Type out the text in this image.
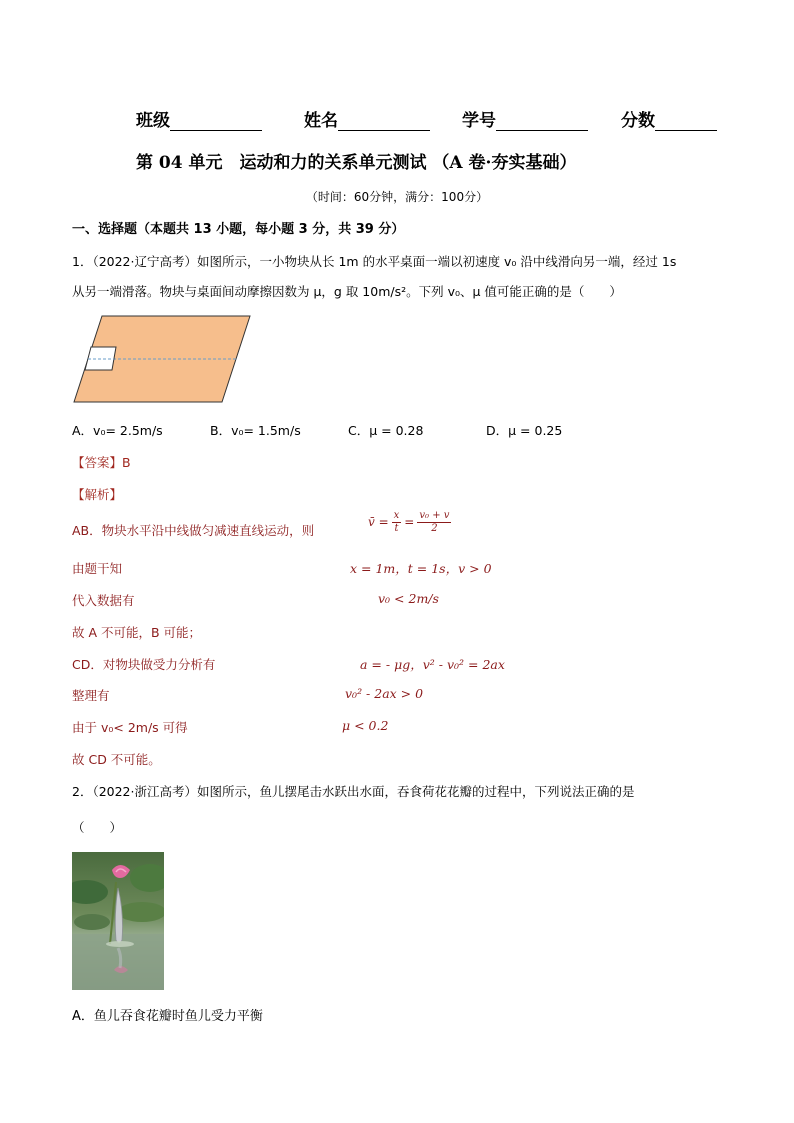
班级	姓名	学号	分数
第 04 单元　运动和力的关系单元测试 （A 卷·夯实基础）
（时间：60分钟，满分：100分）
一、选择题（本题共 13 小题，每小题 3 分，共 39 分）
1．（2022·辽宁高考）如图所示，一小物块从长 1m 的水平桌面一端以初速度 v₀ 沿中线滑向另一端，经过 1s
从另一端滑落。物块与桌面间动摩擦因数为 μ，g 取 10m/s²。下列 v₀、μ 值可能正确的是（　　）
A．v₀= 2.5m/s	B．v₀= 1.5m/s	C．μ = 0.28	D．μ = 0.25
【答案】B
【解析】
AB．物块水平沿中线做匀减速直线运动，则
v̄ = $\frac{x}{t} = \frac{\text{v₀ + v}}{2}$
由题干知	x = 1m，t = 1s，v > 0
代入数据有	v₀ < 2m/s
故 A 不可能，B 可能；
CD．对物块做受力分析有	a = - μg，v² - v₀² = 2ax
整理有	v₀² - 2ax > 0
由于 v₀< 2m/s 可得	μ < 0.2
故 CD 不可能。
2．（2022·浙江高考）如图所示，鱼儿摆尾击水跃出水面，吞食荷花花瓣的过程中，下列说法正确的是
（　　）
A．鱼儿吞食花瓣时鱼儿受力平衡
